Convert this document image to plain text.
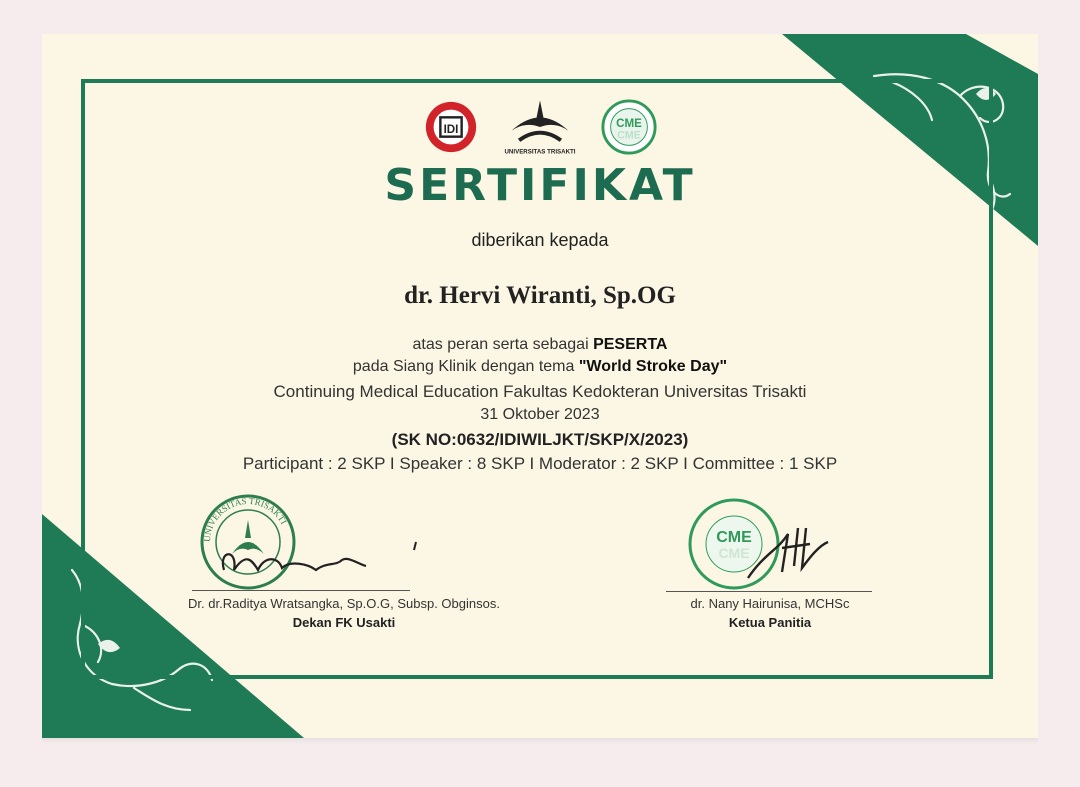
IDI
UNIVERSITAS TRISAKTI
CME
CME
SERTIFIKAT
diberikan kepada
dr. Hervi Wiranti, Sp.OG
atas peran serta sebagai PESERTA
pada Siang Klinik dengan tema "World Stroke Day"
Continuing Medical Education Fakultas Kedokteran Universitas Trisakti
31 Oktober 2023
(SK NO:0632/IDIWILJKT/SKP/X/2023)
Participant : 2 SKP I Speaker : 8 SKP I Moderator : 2 SKP I Committee : 1 SKP
UNIVERSITAS TRISAKTI
Dr. dr.Raditya Wratsangka, Sp.O.G, Subsp. Obginsos.
Dekan FK Usakti
CME
CME
dr. Nany Hairunisa, MCHSc
Ketua Panitia
